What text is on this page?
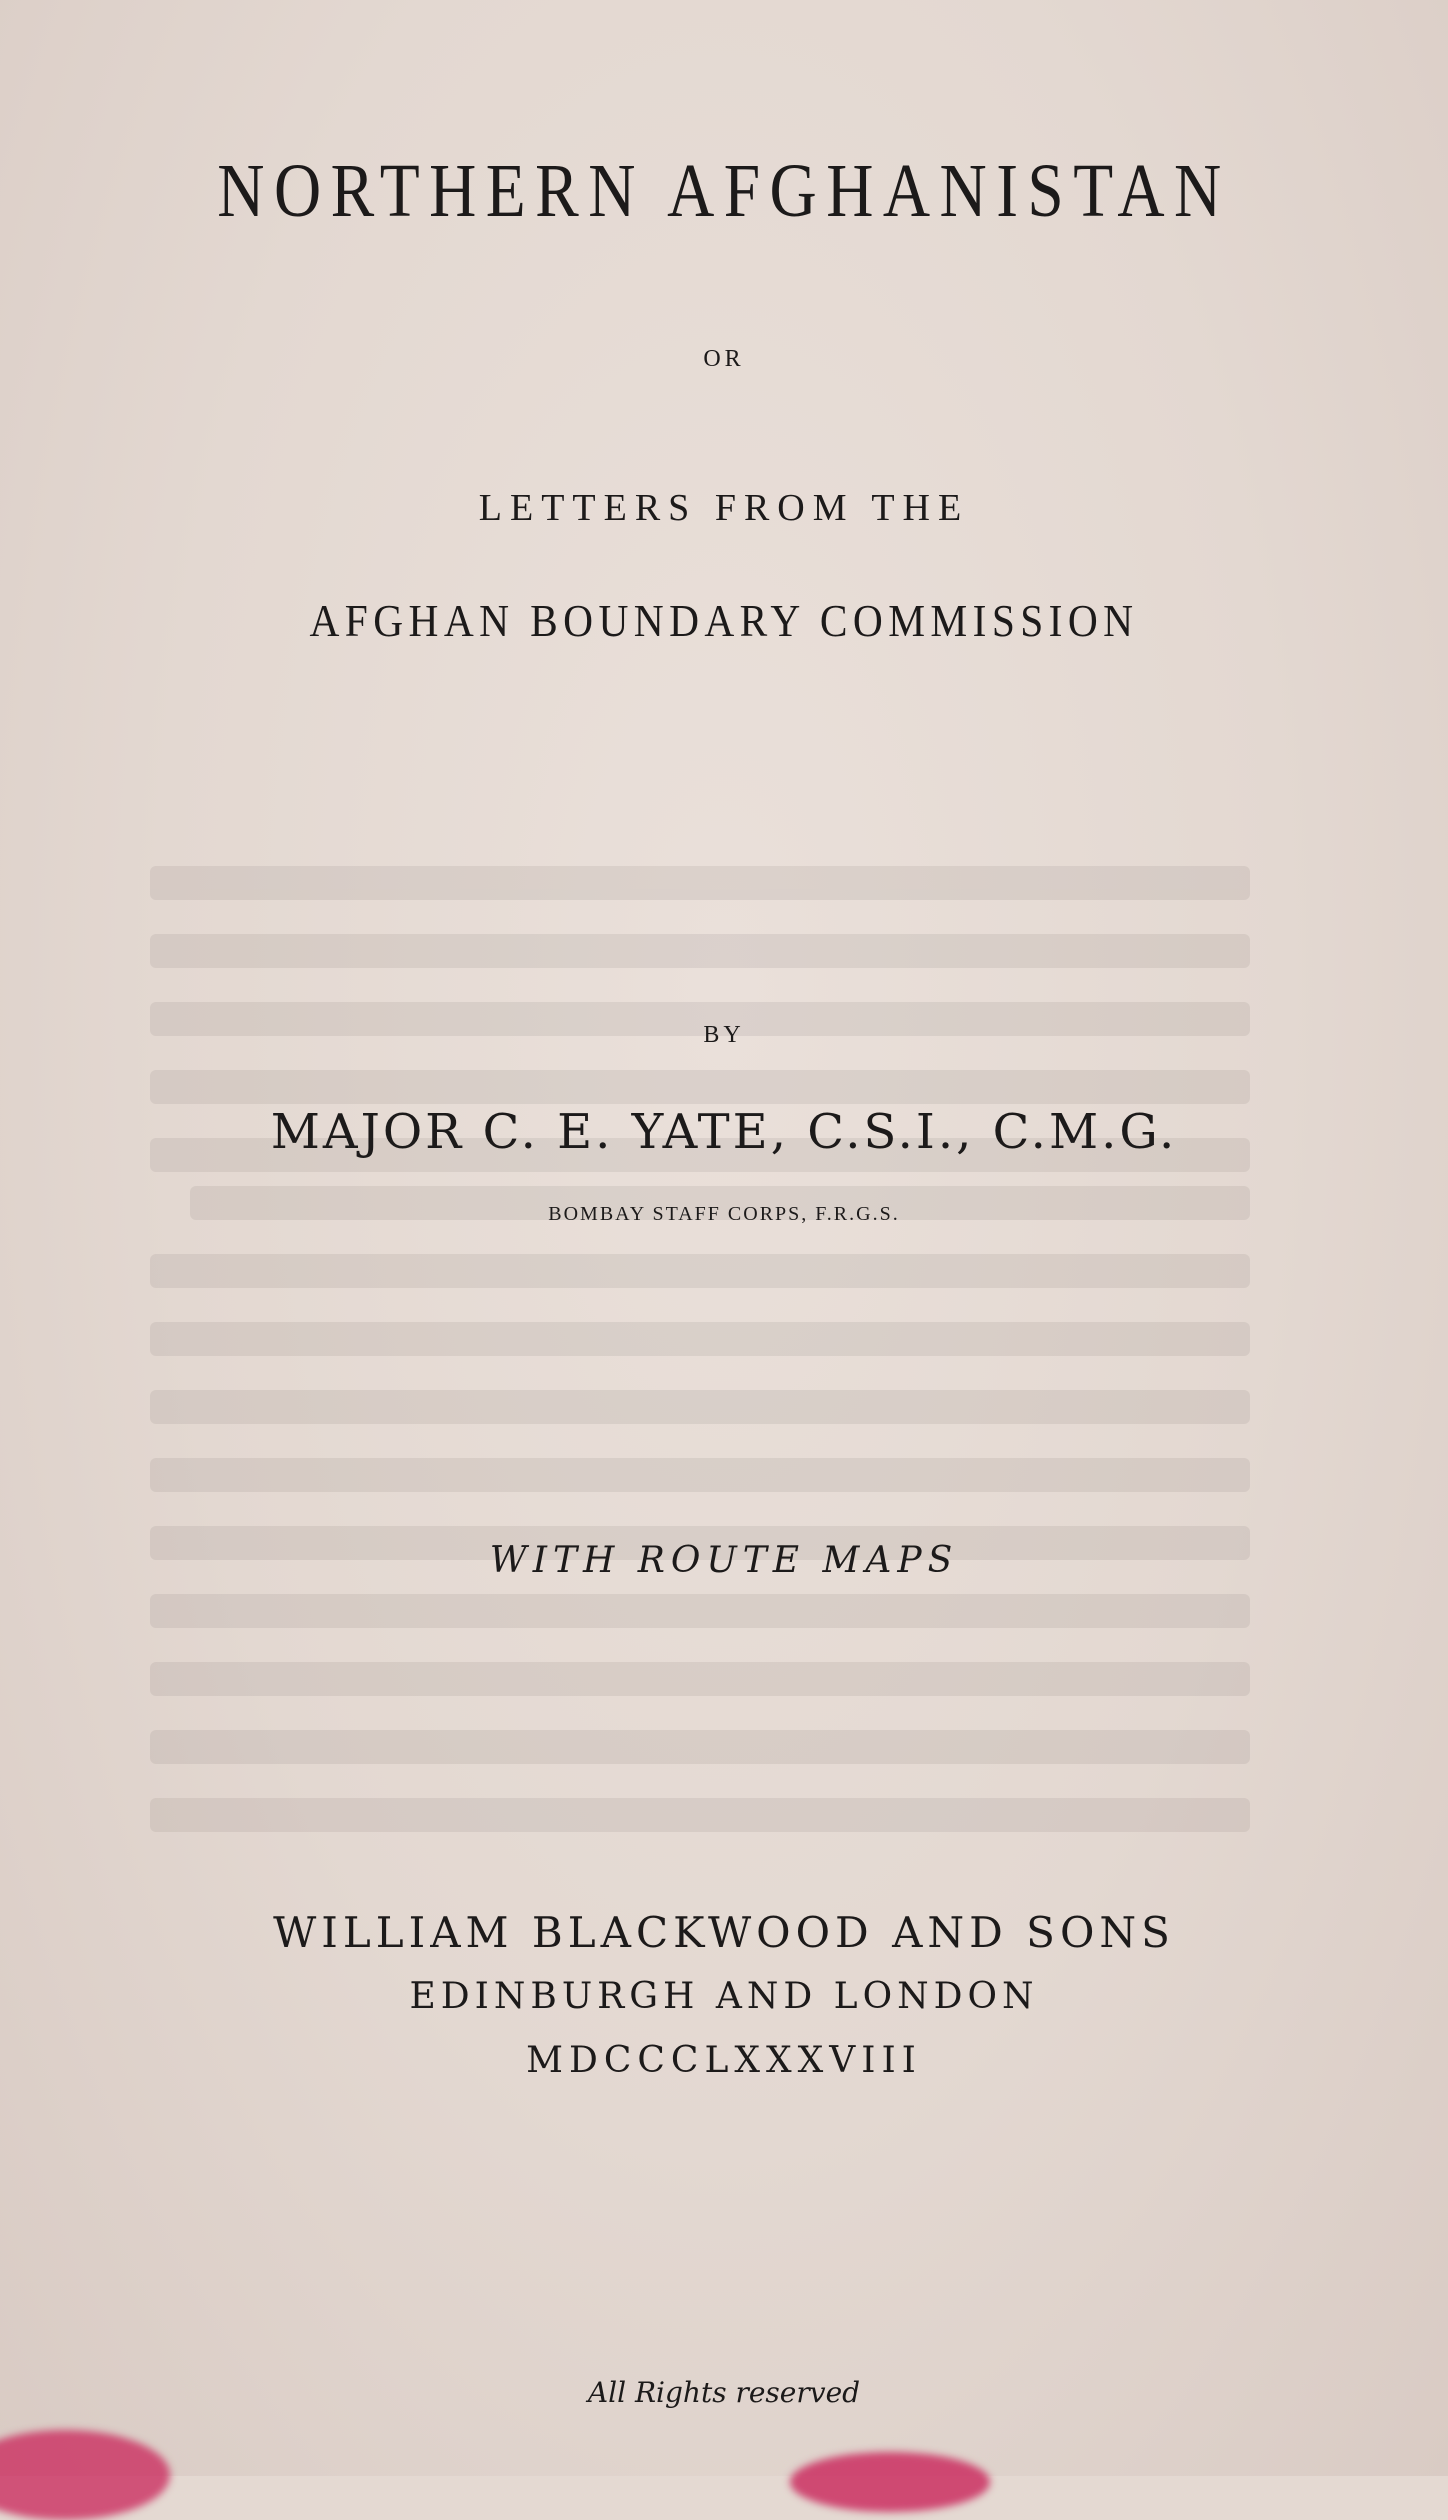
NORTHERN AFGHANISTAN

OR

LETTERS FROM THE

AFGHAN BOUNDARY COMMISSION

BY

MAJOR C. E. YATE, C.S.I., C.M.G.

BOMBAY STAFF CORPS, F.R.G.S.

WITH ROUTE MAPS

WILLIAM BLACKWOOD AND SONS

EDINBURGH AND LONDON

MDCCCLXXXVIII

All Rights reserved
